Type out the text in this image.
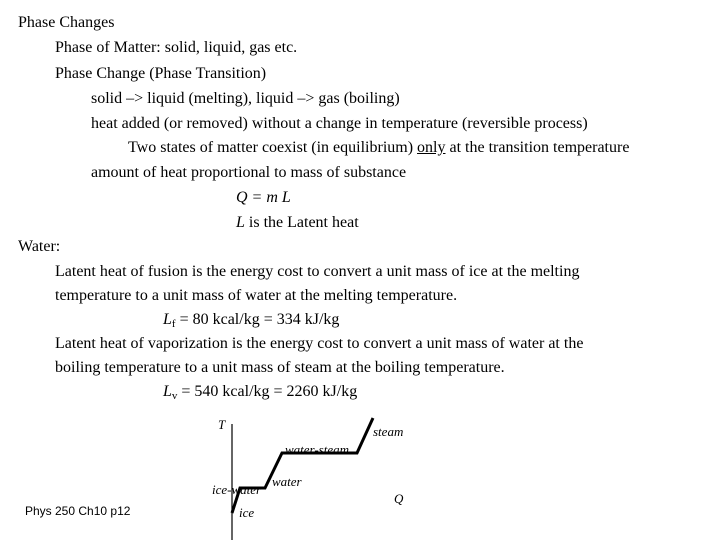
Phase Changes
Phase of Matter: solid, liquid, gas etc.
Phase Change (Phase Transition)
solid –> liquid (melting), liquid –> gas (boiling)
heat added (or removed) without a change in temperature (reversible process)
Two states of matter coexist (in equilibrium) only at the transition temperature
amount of heat proportional to mass of substance
Q = m L
L is the Latent heat
Water:
Latent heat of fusion is the energy cost to convert a unit mass of ice at the melting
temperature to a unit mass of water at the melting temperature.
$L_f = 80$ kcal/kg = 334 kJ/kg
Latent heat of vaporization is the energy cost to convert a unit mass of water at the
boiling temperature to a unit mass of steam at the boiling temperature.
$L_v = 540$ kcal/kg = 2260 kJ/kg
T	steam
water-steam
water
ice-water
Q
ice
Phys 250 Ch10 p12
